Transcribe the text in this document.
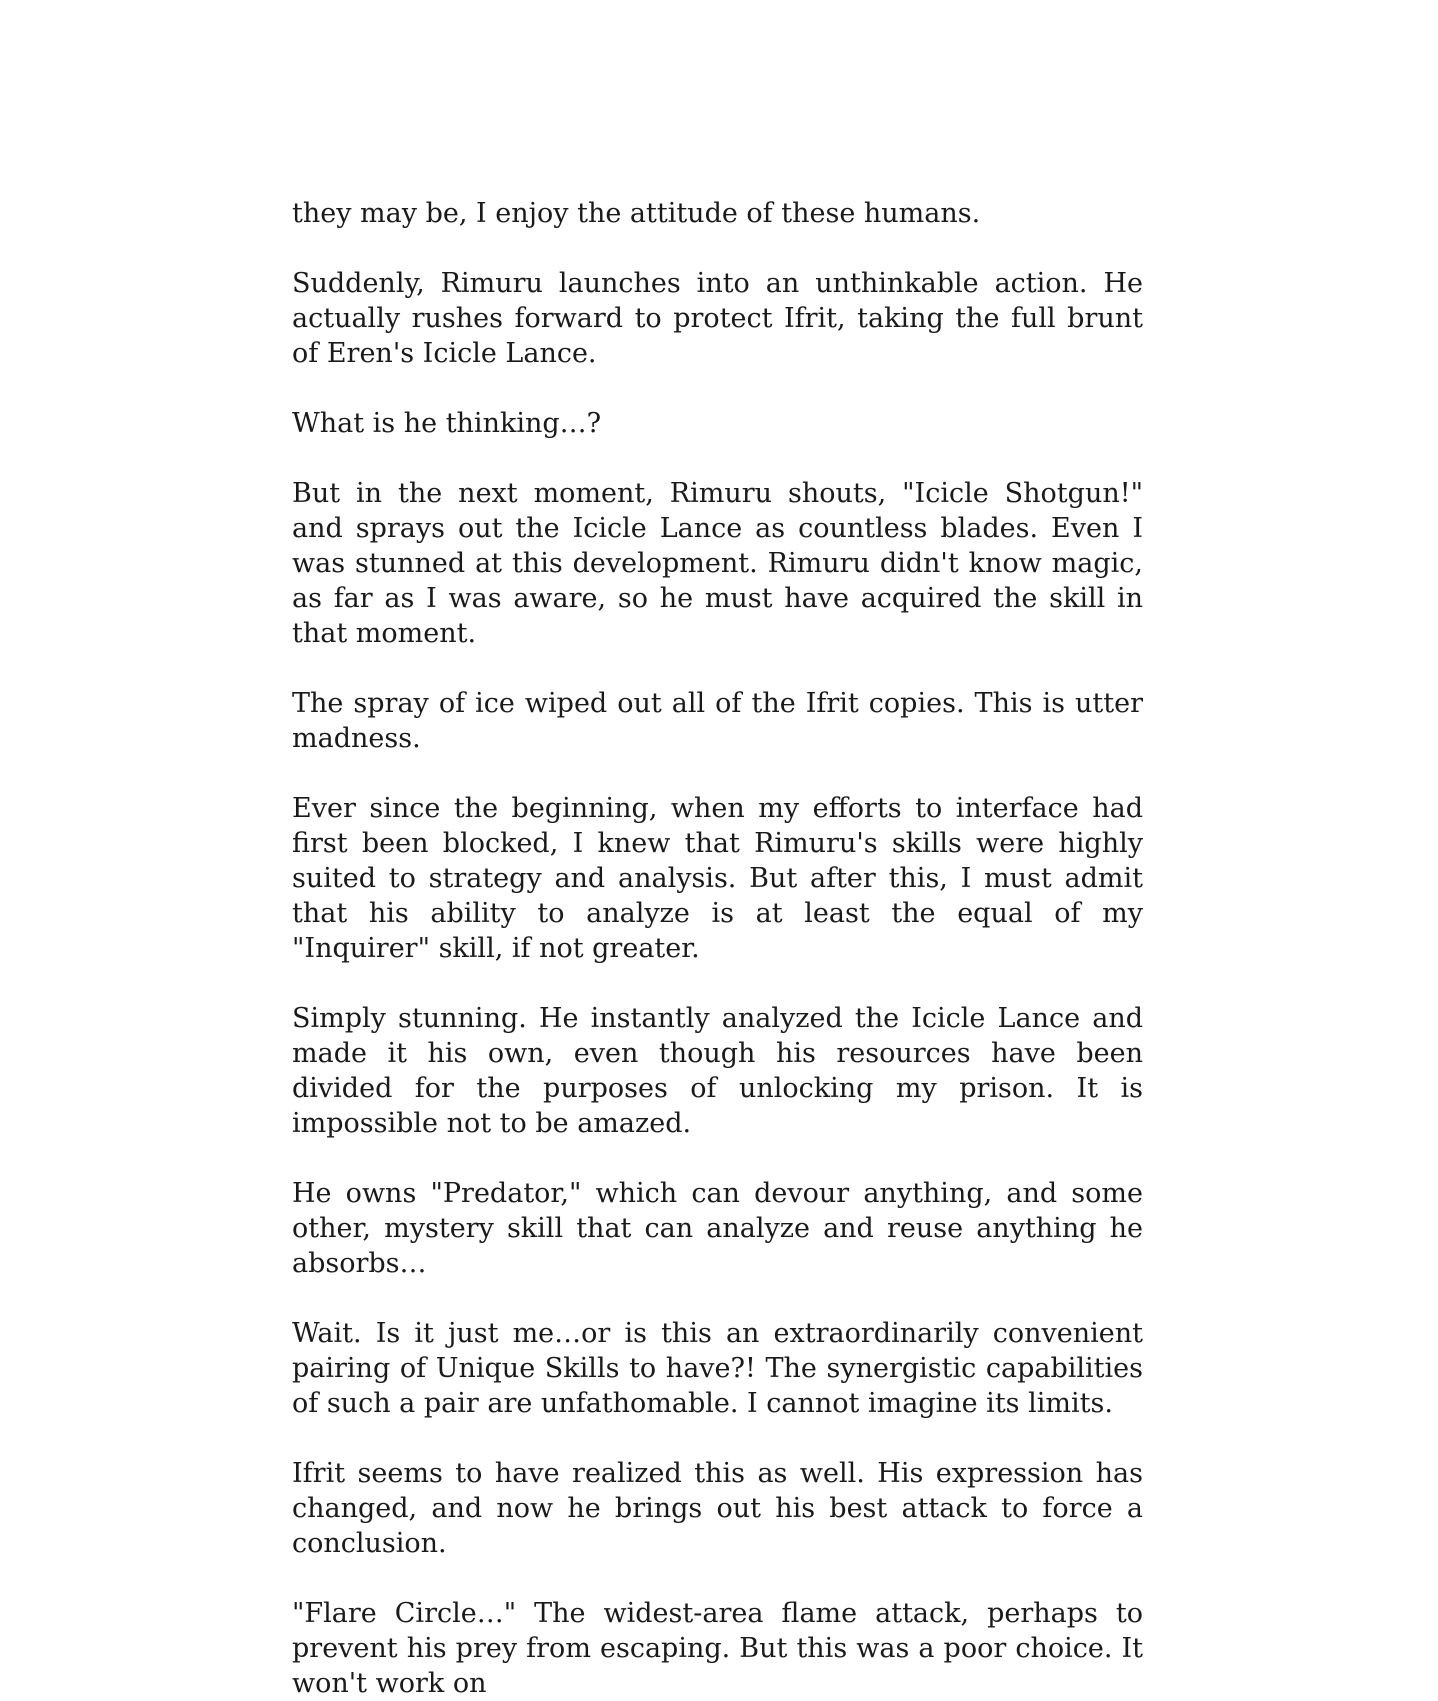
they may be, I enjoy the attitude of these humans.

Suddenly, Rimuru launches into an unthinkable action. He actually rushes forward to protect Ifrit, taking the full brunt of Eren's Icicle Lance.

What is he thinking…?

But in the next moment, Rimuru shouts, "Icicle Shotgun!" and sprays out the Icicle Lance as countless blades. Even I was stunned at this development. Rimuru didn't know magic, as far as I was aware, so he must have acquired the skill in that moment.

The spray of ice wiped out all of the Ifrit copies. This is utter madness.

Ever since the beginning, when my efforts to interface had first been blocked, I knew that Rimuru's skills were highly suited to strategy and analysis. But after this, I must admit that his ability to analyze is at least the equal of my "Inquirer" skill, if not greater.

Simply stunning. He instantly analyzed the Icicle Lance and made it his own, even though his resources have been divided for the purposes of unlocking my prison. It is impossible not to be amazed.

He owns "Predator," which can devour anything, and some other, mystery skill that can analyze and reuse anything he absorbs…

Wait. Is it just me…or is this an extraordinarily convenient pairing of Unique Skills to have?! The synergistic capabilities of such a pair are unfathomable. I cannot imagine its limits.

Ifrit seems to have realized this as well. His expression has changed, and now he brings out his best attack to force a conclusion.

"Flare Circle…" The widest-area flame attack, perhaps to prevent his prey from escaping. But this was a poor choice. It won't work on
